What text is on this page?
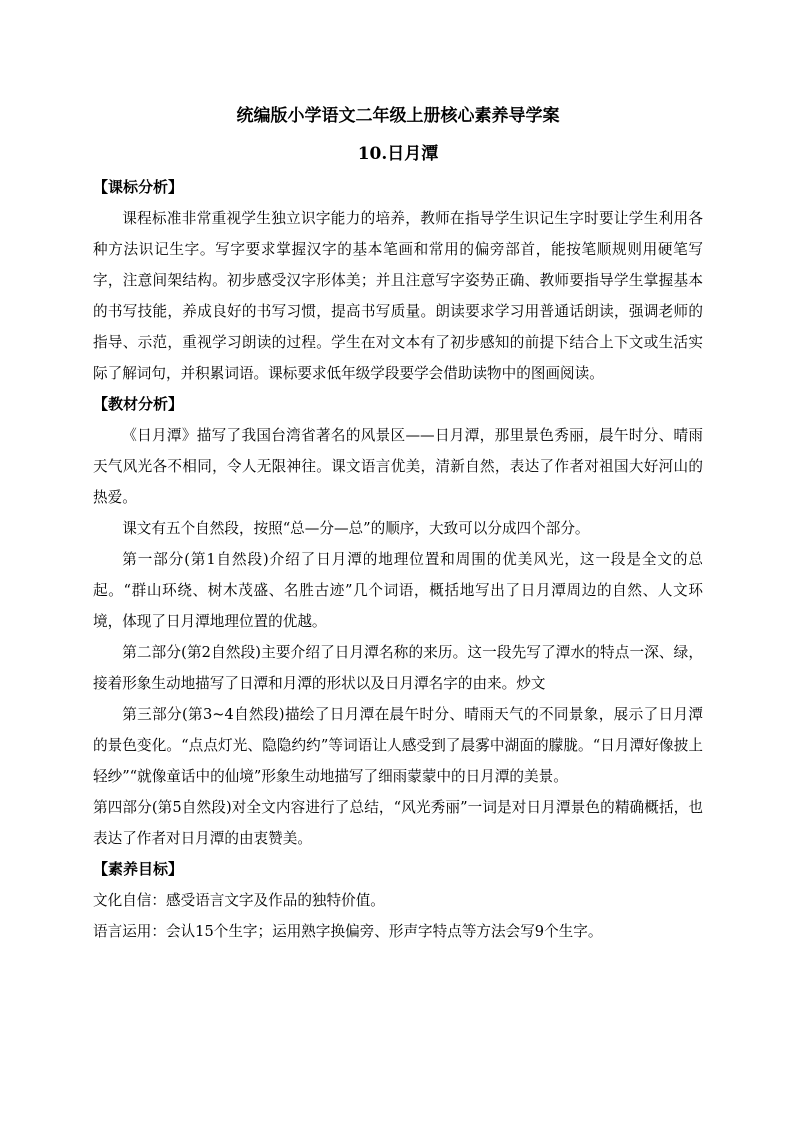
统编版小学语文二年级上册核心素养导学案
10.日月潭

【课标分析】

课程标准非常重视学生独立识字能力的培养，教师在指导学生识记生字时要让学生利用各种方法识记生字。写字要求掌握汉字的基本笔画和常用的偏旁部首，能按笔顺规则用硬笔写字，注意间架结构。初步感受汉字形体美；并且注意写字姿势正确、教师要指导学生掌握基本的书写技能，养成良好的书写习惯，提高书写质量。朗读要求学习用普通话朗读，强调老师的指导、示范，重视学习朗读的过程。学生在对文本有了初步感知的前提下结合上下文或生活实际了解词句，并积累词语。课标要求低年级学段要学会借助读物中的图画阅读。

【教材分析】

《日月潭》描写了我国台湾省著名的风景区——日月潭，那里景色秀丽，晨午时分、晴雨天气风光各不相同，令人无限神往。课文语言优美，清新自然，表达了作者对祖国大好河山的热爱。

课文有五个自然段，按照“总—分—总”的顺序，大致可以分成四个部分。

第一部分(第1自然段)介绍了日月潭的地理位置和周围的优美风光，这一段是全文的总起。“群山环绕、树木茂盛、名胜古迹”几个词语，概括地写出了日月潭周边的自然、人文环境，体现了日月潭地理位置的优越。

第二部分(第2自然段)主要介绍了日月潭名称的来历。这一段先写了潭水的特点一深、绿，接着形象生动地描写了日潭和月潭的形状以及日月潭名字的由来。炒文

第三部分(第3~4自然段)描绘了日月潭在晨午时分、晴雨天气的不同景象，展示了日月潭的景色变化。“点点灯光、隐隐约约”等词语让人感受到了晨雾中湖面的朦胧。“日月潭好像披上轻纱”“就像童话中的仙境”形象生动地描写了细雨蒙蒙中的日月潭的美景。

第四部分(第5自然段)对全文内容进行了总结，“风光秀丽”一词是对日月潭景色的精确概括，也表达了作者对日月潭的由衷赞美。

【素养目标】

文化自信：感受语言文字及作品的独特价值。

语言运用：会认15个生字；运用熟字换偏旁、形声字特点等方法会写9个生字。
